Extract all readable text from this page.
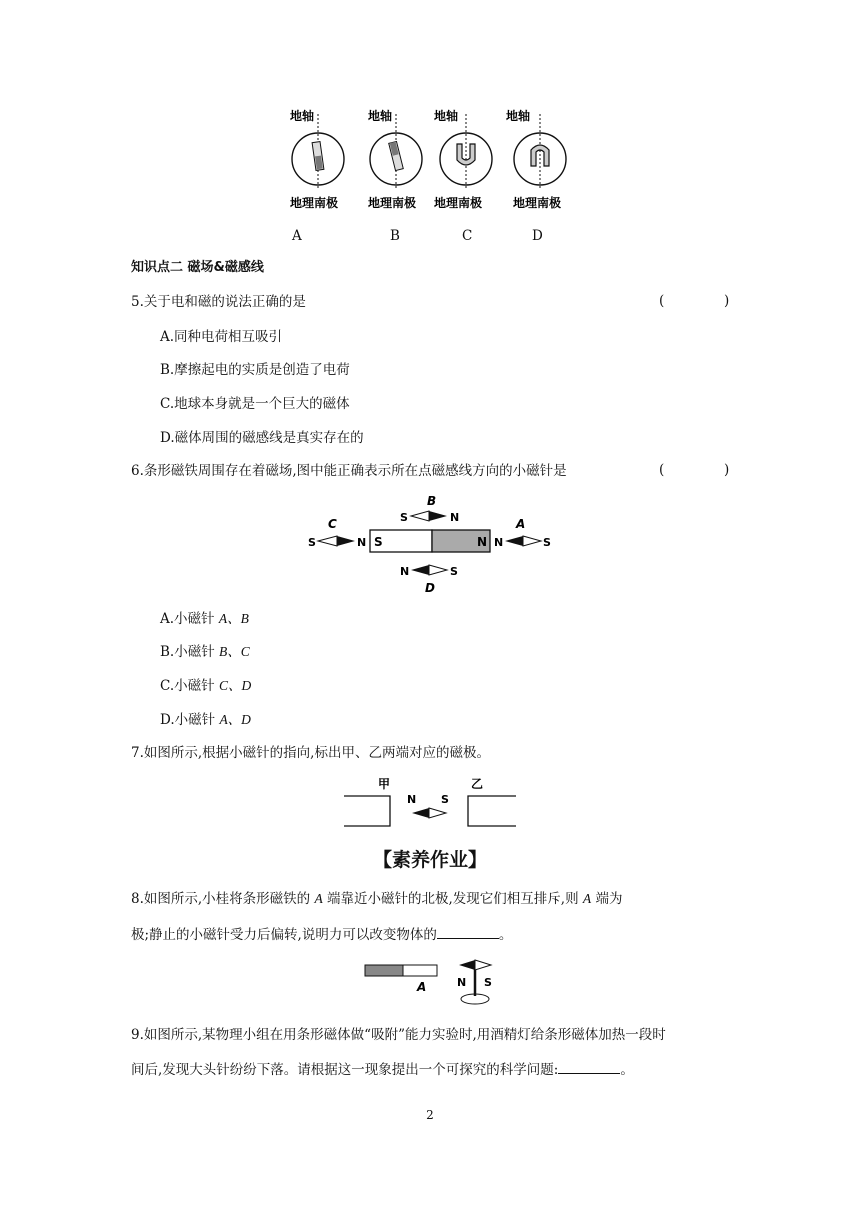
地轴
地理南极
地轴
地理南极
地轴
地理南极
地轴
地理南极
A	B	C	D
知识点二 磁场&磁感线
5.关于电和磁的说法正确的是	(	)
A.同种电荷相互吸引
B.摩擦起电的实质是创造了电荷
C.地球本身就是一个巨大的磁体
D.磁体周围的磁感线是真实存在的
6.条形磁铁周围存在着磁场,图中能正确表示所在点磁感线方向的小磁针是	(	)
S	N
C
S	N
B
S	N	A
N	S
N	S
D
A.小磁针 A、B
B.小磁针 B、C
C.小磁针 C、D
D.小磁针 A、D
7.如图所示,根据小磁针的指向,标出甲、乙两端对应的磁极。
甲	乙
N S
【素养作业】
8.如图所示,小桂将条形磁铁的 A 端靠近小磁针的北极,发现它们相互排斥,则 A 端为
极;静止的小磁针受力后偏转,说明力可以改变物体的	。
A	N S
9.如图所示,某物理小组在用条形磁体做“吸附”能力实验时,用酒精灯给条形磁体加热一段时
间后,发现大头针纷纷下落。请根据这一现象提出一个可探究的科学问题:	。
2
